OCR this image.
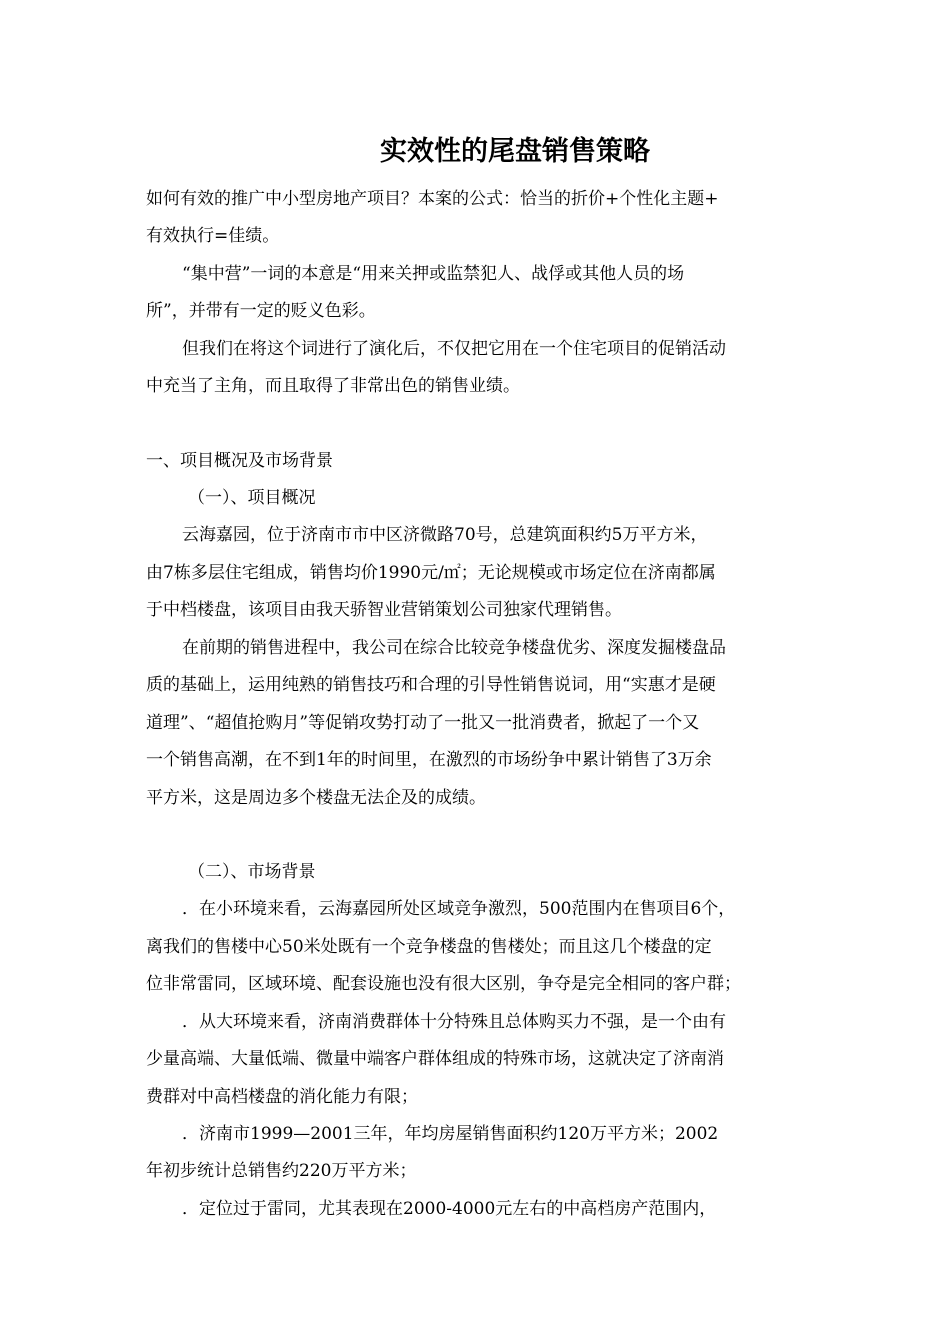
实效性的尾盘销售策略
如何有效的推广中小型房地产项目？本案的公式：恰当的折价+个性化主题+
有效执行=佳绩。
“集中营”一词的本意是“用来关押或监禁犯人、战俘或其他人员的场
所”，并带有一定的贬义色彩。
但我们在将这个词进行了演化后，不仅把它用在一个住宅项目的促销活动
中充当了主角，而且取得了非常出色的销售业绩。
一、项目概况及市场背景
（一）、项目概况
云海嘉园，位于济南市市中区济微路70号，总建筑面积约5万平方米，
由7栋多层住宅组成，销售均价1990元/㎡；无论规模或市场定位在济南都属
于中档楼盘，该项目由我天骄智业营销策划公司独家代理销售。
在前期的销售进程中，我公司在综合比较竞争楼盘优劣、深度发掘楼盘品
质的基础上，运用纯熟的销售技巧和合理的引导性销售说词，用“实惠才是硬
道理”、“超值抢购月”等促销攻势打动了一批又一批消费者，掀起了一个又
一个销售高潮，在不到1年的时间里，在激烈的市场纷争中累计销售了3万余
平方米，这是周边多个楼盘无法企及的成绩。
（二）、市场背景
．在小环境来看，云海嘉园所处区域竞争激烈，500范围内在售项目6个，
离我们的售楼中心50米处既有一个竞争楼盘的售楼处；而且这几个楼盘的定
位非常雷同，区域环境、配套设施也没有很大区别，争夺是完全相同的客户群；
．从大环境来看，济南消费群体十分特殊且总体购买力不强，是一个由有
少量高端、大量低端、微量中端客户群体组成的特殊市场，这就决定了济南消
费群对中高档楼盘的消化能力有限；
．济南市1999—2001三年，年均房屋销售面积约120万平方米；2002
年初步统计总销售约220万平方米；
．定位过于雷同，尤其表现在2000-4000元左右的中高档房产范围内，
